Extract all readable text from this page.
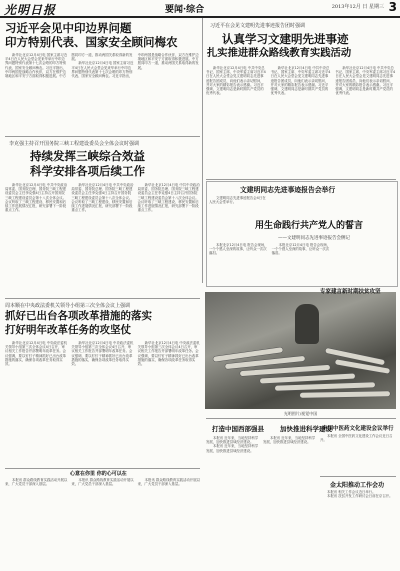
光明日报	要闻·综合	2013年12月 日 星期三 3
习近平会见中印边界问题
印方特别代表、国家安全顾问梅农

新华社北京12月4日电 国家主席习近平4日在人民大会堂会见来华举行中印边界问题特别代表第十七次会晤的印方特别代表、国家安全顾问梅农。习近平指出，中印两国是战略合作伙伴，双方在维护边境地区和平安宁方面取得积极进展。中方愿同印方一道，推动两国关系取得新的发展。

新华社北京12月4日电 国家主席习近平4日在人民大会堂会见来华举行中印边界问题特别代表第十七次会晤的印方特别代表、国家安全顾问梅农。习近平指出，中印两国是战略合作伙伴，双方在维护边境地区和平安宁方面取得积极进展。中方愿同印方一道，推动两国关系取得新的发展。

李克强主持召开国务院三峡工程建设委员会全体会议时强调
持续发挥三峡综合效益
科学安排各项后续工作

新华社北京12月4日电 中共中央政治局常委、国务院总理、国务院三峡工程建设委员会主任李克强4日主持召开国务院三峡工程建设委员会第十八次全体会议。会议听取了三峡工程建设、移民安置和后续工作进展情况汇报，研究部署下一阶段重点工作。

新华社北京12月4日电 中共中央政治局常委、国务院总理、国务院三峡工程建设委员会主任李克强4日主持召开国务院三峡工程建设委员会第十八次全体会议。会议听取了三峡工程建设、移民安置和后续工作进展情况汇报，研究部署下一阶段重点工作。

新华社北京12月4日电 中共中央政治局常委、国务院总理、国务院三峡工程建设委员会主任李克强4日主持召开国务院三峡工程建设委员会第十八次全体会议。会议听取了三峡工程建设、移民安置和后续工作进展情况汇报，研究部署下一阶段重点工作。

周本顺在中央政法委机关领导小组第三次全体会议上强调
抓好已出台各项改革措施的落实
打好明年改革任务的攻坚仗

新华社北京12月4日电 中央政法委机关领导小组第三次全体会议4日召开，审议相关工作报告并部署明年改革任务。会议强调，要以钉钉子精神抓好已出台改革措施的落实，确保各项改革任务取得实效。

新华社北京12月4日电 中央政法委机关领导小组第三次全体会议4日召开，审议相关工作报告并部署明年改革任务。会议强调，要以钉钉子精神抓好已出台改革措施的落实，确保各项改革任务取得实效。

新华社北京12月4日电 中央政法委机关领导小组第三次全体会议4日召开，审议相关工作报告并部署明年改革任务。会议强调，要以钉钉子精神抓好已出台改革措施的落实，确保各项改革任务取得实效。

心意在你里 你的心可以在

本报讯 群众路线教育实践活动开展以来，广大党员干部深入基层。

本报讯 群众路线教育实践活动开展以来，广大党员干部深入基层。

本报讯 群众路线教育实践活动开展以来，广大党员干部深入基层。

习近平在会见文建明先进事迹报告团时强调
认真学习文建明先进事迹
扎实推进群众路线教育实践活动

新华社北京12月4日电 中共中央总书记、国家主席、中央军委主席习近平4日在人民大会堂会见文建明同志先进事迹报告团成员，向他们表示亲切慰问，并对大家的精彩报告表示感谢。习近平强调，文建明同志是新时期共产党员的优秀代表。

新华社北京12月4日电 中共中央总书记、国家主席、中央军委主席习近平4日在人民大会堂会见文建明同志先进事迹报告团成员，向他们表示亲切慰问，并对大家的精彩报告表示感谢。习近平强调，文建明同志是新时期共产党员的优秀代表。

新华社北京12月4日电 中共中央总书记、国家主席、中央军委主席习近平4日在人民大会堂会见文建明同志先进事迹报告团成员，向他们表示亲切慰问，并对大家的精彩报告表示感谢。习近平强调，文建明同志是新时期共产党员的优秀代表。

文建明同志先进事迹报告会举行

文建明同志先进事迹报告会4日在人民大会堂举行。

用生命践行共产党人的誓言
——文建明同志先进事迹报告会侧记

本报北京12月4日电 报告会现场，一个个感人至深的故事，让听众一次次落泪。

本报北京12月4日电 报告会现场，一个个感人至深的故事，让听众一次次落泪。

光明图片/视觉中国
专家建言新时期扶贫攻坚
打造中国西部强县 加快推进科学建设

本报讯 近年来，当地坚持科学发展，加快推进县域经济建设。

本报讯 近年来，当地坚持科学发展，加快推进县域经济建设。

本报讯 近年来，当地坚持科学发展，加快推进县域经济建设。

全国中医药文化建设会议举行

本报讯 全国中医药文化建设工作会议近日召开。

金太阳推动工作会功

本报讯 相关工作会议近日举行。

本报讯 扶贫开发工作研讨会日前在京召开。
